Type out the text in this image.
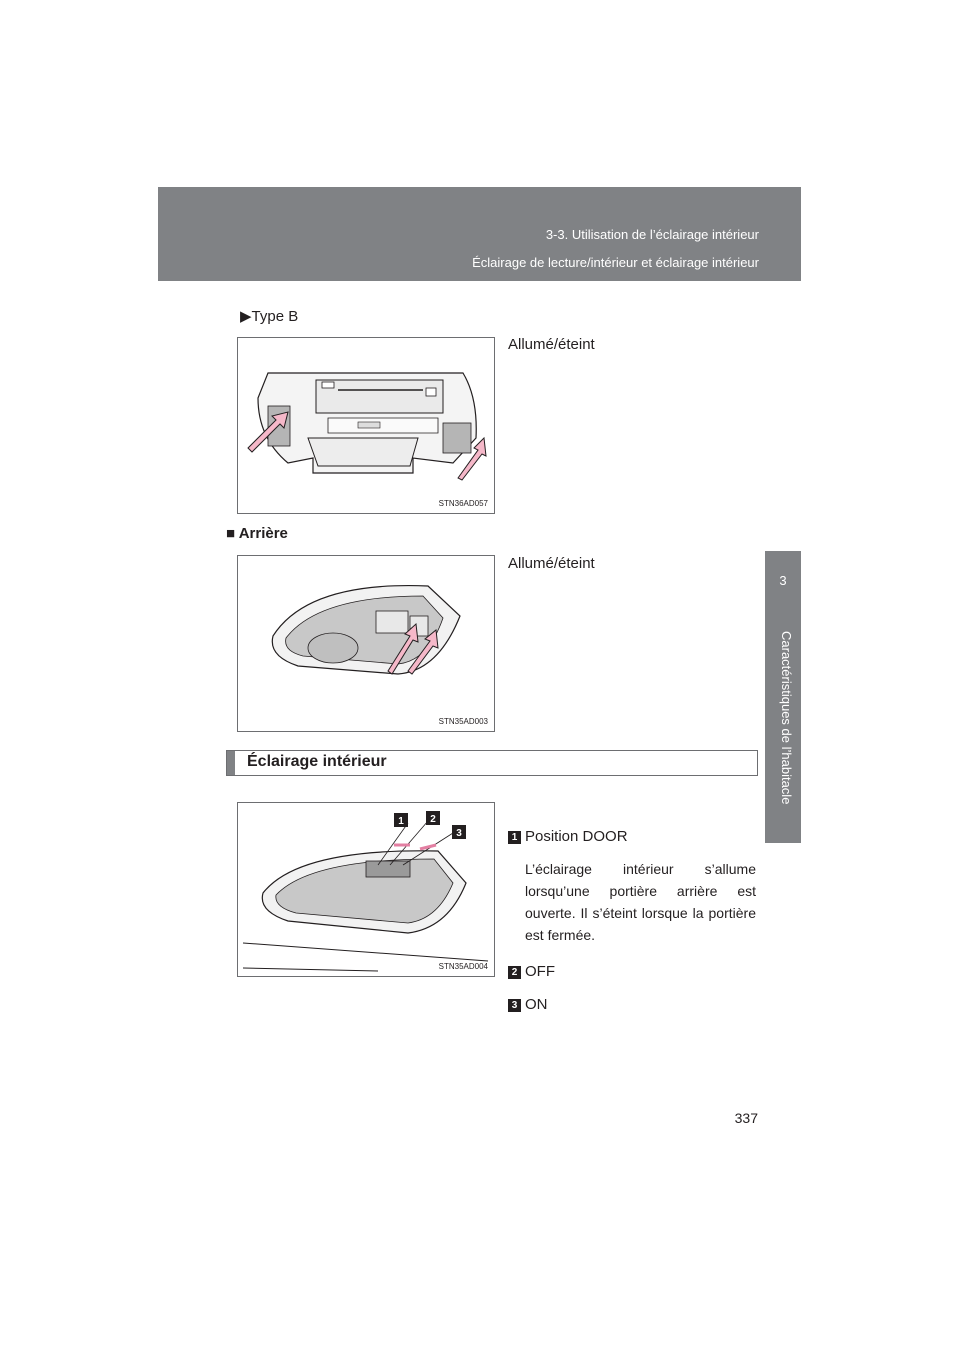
3-3. Utilisation de l’éclairage intérieur
Éclairage de lecture/intérieur et éclairage intérieur
3
Caractéristiques de l’habitacle
▶Type B
STN36AD057
Allumé/éteint
■ Arrière
STN35AD003
Allumé/éteint
Éclairage intérieur
1	2
3
STN35AD004
1 Position DOOR
L’éclairage intérieur s’allume lorsqu’une portière arrière est ouverte. Il s’éteint lorsque la portière est fermée.
2 OFF
3 ON
337
